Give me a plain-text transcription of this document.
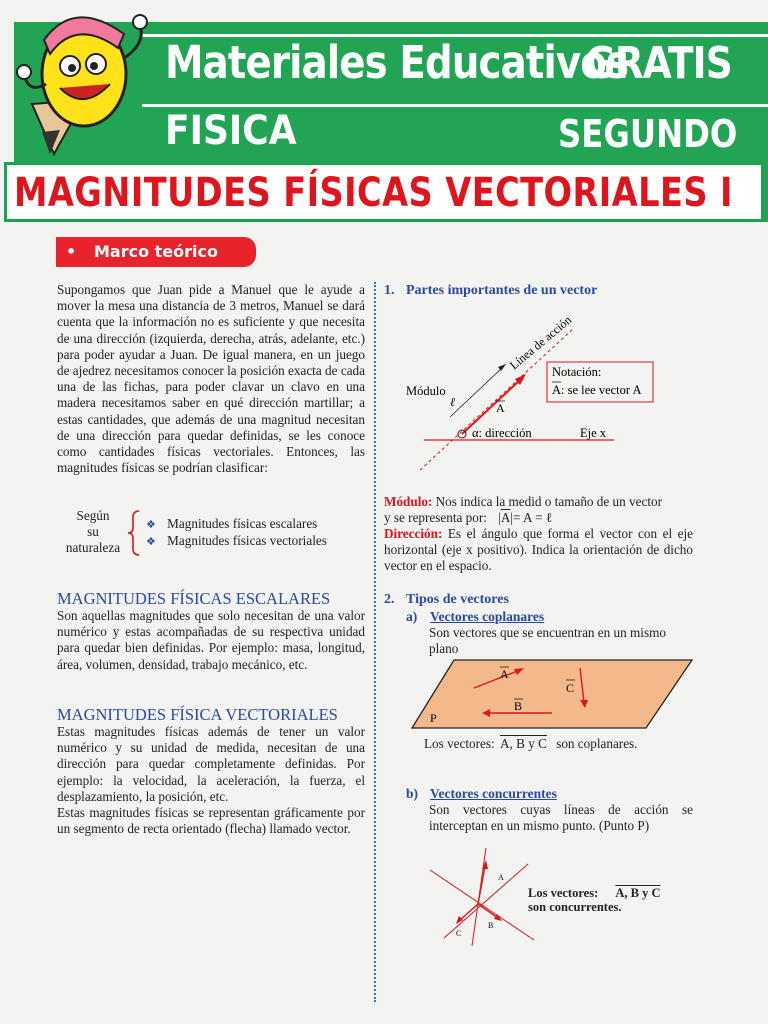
Materiales Educativos
GRATIS
FISICA	SEGUNDO
MAGNITUDES FÍSICAS VECTORIALES I
• Marco teórico

Supongamos que Juan pide a Manuel que le ayude a mover la mesa una distancia de 3 metros, Manuel se dará cuenta que la información no es suficiente y que necesita de una dirección (izquierda, derecha, atrás, adelante, etc.) para poder ayudar a Juan. De igual manera, en un juego de ajedrez necesitamos conocer la posición exacta de cada una de las fichas, para poder clavar un clavo en una madera necesitamos saber en qué dirección martillar; a estas cantidades, que además de una magnitud necesitan de una dirección para quedar definidas, se les conoce como cantidades físicas vectoriales. Entonces, las magnitudes físicas se podrían clasificar:

Según
su
naturaleza
❖ Magnitudes físicas escalares
❖ Magnitudes físicas vectoriales
MAGNITUDES FÍSICAS ESCALARES

Son aquellas magnitudes que solo necesitan de una valor numérico y estas acompañadas de su respectiva unidad para quedar bien definidas. Por ejemplo: masa, longitud, área, volumen, densidad, trabajo mecánico, etc.

MAGNITUDES FÍSICA VECTORIALES

Estas magnitudes físicas además de tener un valor numérico y su unidad de medida, necesitan de una dirección para quedar completamente definidas. Por ejemplo: la velocidad, la aceleración, la fuerza, el desplazamiento, la posición, etc.

Estas magnitudes físicas se representan gráficamente por un segmento de recta orientado (flecha) llamado vector.

1. Partes importantes de un vector
Línea de acción
Módulo
ℓ	A
α: dirección	Eje x
Notación:
A : se lee vector A
Módulo: Nos indica la medid o tamaño de un vector
y se representa por: $|\overline{A}|= A$ = ℓ

Dirección: Es el ángulo que forma el vector con el eje horizontal (eje x positivo). Indica la orientación de dicho vector en el espacio.

2. Tipos de vectores
a) Vectores coplanares

Son vectores que se encuentran en un mismo plano

A
C
B
P
Los vectores: A, B y C son coplanares.
b) Vectores concurrentes

Son vectores cuyas líneas de acción se interceptan en un mismo punto. (Punto P)

A
B
C
Los vectores: A, B y C
son concurrentes.
